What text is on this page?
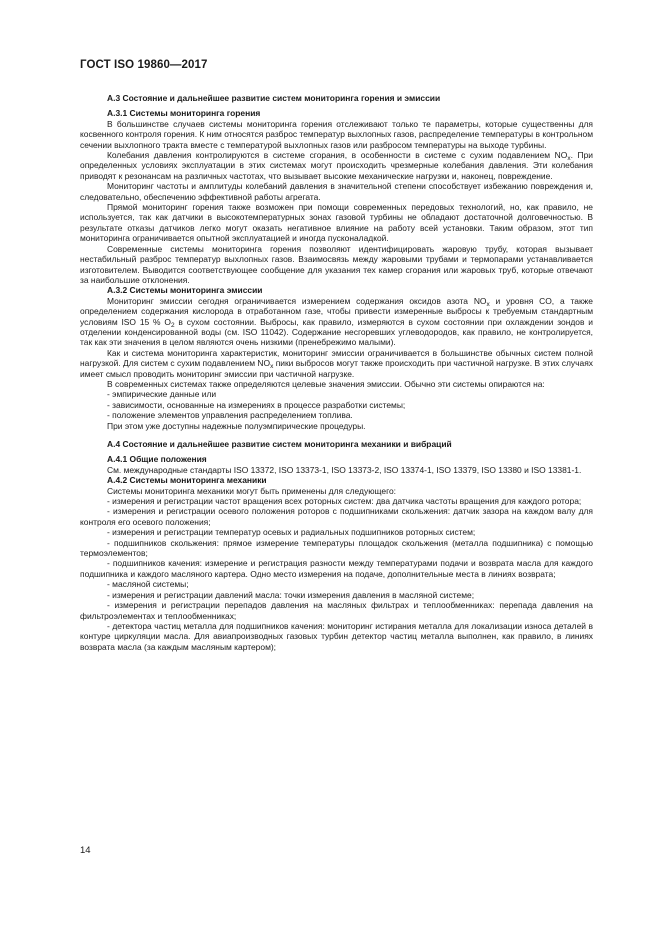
ГОСТ ISO 19860—2017

А.3 Состояние и дальнейшее развитие систем мониторинга горения и эмиссии

А.3.1 Системы мониторинга горения

В большинстве случаев системы мониторинга горения отслеживают только те параметры, которые существенны для косвенного контроля горения. К ним относятся разброс температур выхлопных газов, распределение температуры в контрольном сечении выхлопного тракта вместе с температурой выхлопных газов или разбросом температуры на выходе турбины.

Колебания давления контролируются в системе сгорания, в особенности в системе с сухим подавлением $NO_x$. При определенных условиях эксплуатации в этих системах могут происходить чрезмерные колебания давления. Эти колебания приводят к резонансам на различных частотах, что вызывает высокие механические нагрузки и, наконец, повреждение.

Мониторинг частоты и амплитуды колебаний давления в значительной степени способствует избежанию повреждения и, следовательно, обеспечению эффективной работы агрегата.

Прямой мониторинг горения также возможен при помощи современных передовых технологий, но, как правило, не используется, так как датчики в высокотемпературных зонах газовой турбины не обладают достаточной долговечностью. В результате отказы датчиков легко могут оказать негативное влияние на работу всей установки. Таким образом, этот тип мониторинга ограничивается опытной эксплуатацией и иногда пусконаладкой.

Современные системы мониторинга горения позволяют идентифицировать жаровую трубу, которая вызывает нестабильный разброс температур выхлопных газов. Взаимосвязь между жаровыми трубами и термопарами устанавливается изготовителем. Выводится соответствующее сообщение для указания тех камер сгорания или жаровых труб, которые отвечают за наибольшие отклонения.

А.3.2 Системы мониторинга эмиссии

Мониторинг эмиссии сегодня ограничивается измерением содержания оксидов азота $NO_x$ и уровня CO, а также определением содержания кислорода в отработанном газе, чтобы привести измеренные выбросы к требуемым стандартным условиям ISO 15 % $O_2$ в сухом состоянии. Выбросы, как правило, измеряются в сухом состоянии при охлаждении зондов и отделении конденсированной воды (см. ISO 11042). Содержание несгоревших углеводородов, как правило, не контролируется, так как эти значения в целом являются очень низкими (пренебрежимо малыми).

Как и система мониторинга характеристик, мониторинг эмиссии ограничивается в большинстве обычных систем полной нагрузкой. Для систем с сухим подавлением $NO_x$ пики выбросов могут также происходить при частичной нагрузке. В этих случаях имеет смысл проводить мониторинг эмиссии при частичной нагрузке.

В современных системах также определяются целевые значения эмиссии. Обычно эти системы опираются на:

- эмпирические данные или

- зависимости, основанные на измерениях в процессе разработки системы;

- положение элементов управления распределением топлива.

При этом уже доступны надежные полуэмпирические процедуры.

А.4 Состояние и дальнейшее развитие систем мониторинга механики и вибраций

А.4.1 Общие положения

См. международные стандарты ISO 13372, ISO 13373-1, ISO 13373-2, ISO 13374-1, ISO 13379, ISO 13380 и ISO 13381-1.

А.4.2 Системы мониторинга механики

Системы мониторинга механики могут быть применены для следующего:

- измерения и регистрации частот вращения всех роторных систем: два датчика частоты вращения для каждого ротора;

- измерения и регистрации осевого положения роторов с подшипниками скольжения: датчик зазора на каждом валу для контроля его осевого положения;

- измерения и регистрации температур осевых и радиальных подшипников роторных систем;

- подшипников скольжения: прямое измерение температуры площадок скольжения (металла подшипника) с помощью термоэлементов;

- подшипников качения: измерение и регистрация разности между температурами подачи и возврата масла для каждого подшипника и каждого масляного картера. Одно место измерения на подаче, дополнительные места в линиях возврата;

- масляной системы;

- измерения и регистрации давлений масла: точки измерения давления в масляной системе;

- измерения и регистрации перепадов давления на масляных фильтрах и теплообменниках: перепада давления на фильтроэлементах и теплообменниках;

- детектора частиц металла для подшипников качения: мониторинг истирания металла для локализации износа деталей в контуре циркуляции масла. Для авиапроизводных газовых турбин детектор частиц металла выполнен, как правило, в линиях возврата масла (за каждым масляным картером);

14
